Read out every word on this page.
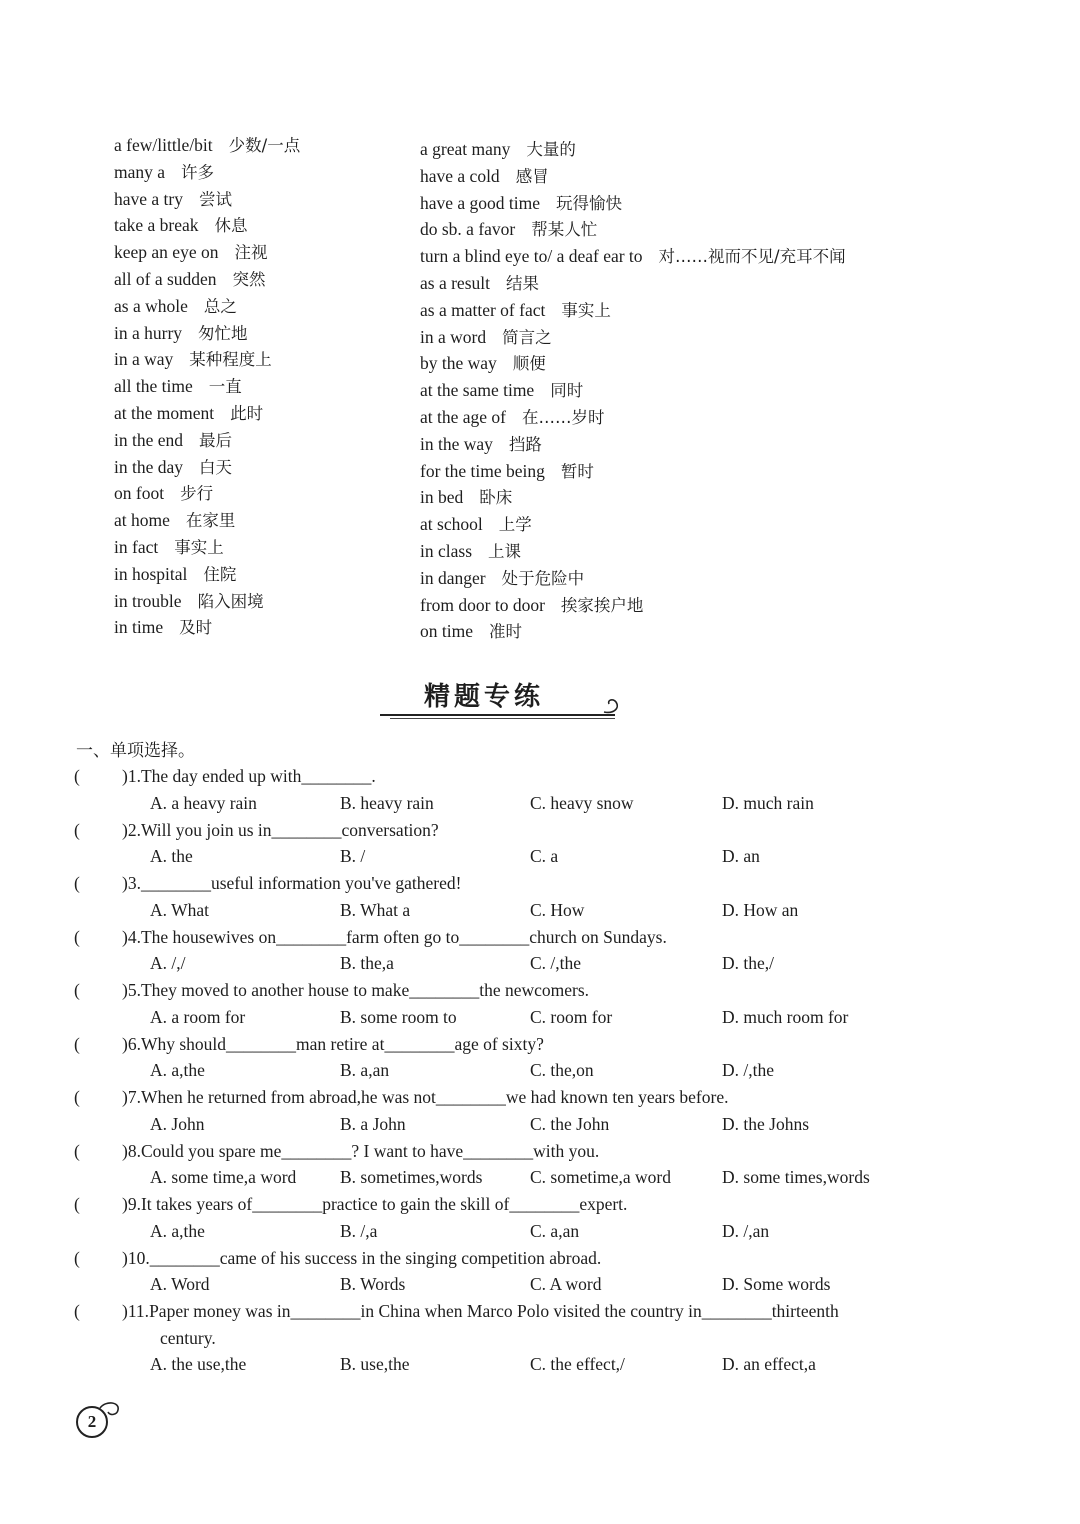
a few/little/bit 少数/一点
many a 许多
have a try 尝试
take a break 休息
keep an eye on 注视
all of a sudden 突然
as a whole 总之
in a hurry 匆忙地
in a way 某种程度上
all the time 一直
at the moment 此时
in the end 最后
in the day 白天
on foot 步行
at home 在家里
in fact 事实上
in hospital 住院
in trouble 陷入困境
in time 及时
a great many 大量的
have a cold 感冒
have a good time 玩得愉快
do sb. a favor 帮某人忙
turn a blind eye to/ a deaf ear to 对……视而不见/充耳不闻
as a result 结果
as a matter of fact 事实上
in a word 简言之
by the way 顺便
at the same time 同时
at the age of 在……岁时
in the way 挡路
for the time being 暂时
in bed 卧床
at school 上学
in class 上课
in danger 处于危险中
from door to door 挨家挨户地
on time 准时
精题专练
一、单项选择。
( )1.The day ended up with________.
A. a heavy rain	B. heavy rain	C. heavy snow	D. much rain
( )2.Will you join us in________conversation?
A. the	B. /	C. a	D. an
( )3.________useful information you've gathered!
A. What	B. What a	C. How	D. How an
( )4.The housewives on________farm often go to________church on Sundays.
A. /,/	B. the,a	C. /,the	D. the,/
( )5.They moved to another house to make________the newcomers.
A. a room for	B. some room to	C. room for	D. much room for
( )6.Why should________man retire at________age of sixty?
A. a,the	B. a,an	C. the,on	D. /,the
( )7.When he returned from abroad,he was not________we had known ten years before.
A. John	B. a John	C. the John	D. the Johns
( )8.Could you spare me________? I want to have________with you.
A. some time,a word B. sometimes,words	C. sometime,a word	D. some times,words
( )9.It takes years of________practice to gain the skill of________expert.
A. a,the	B. /,a	C. a,an	D. /,an
( )10.________came of his success in the singing competition abroad.
A. Word	B. Words	C. A word	D. Some words
( )11.Paper money was in________in China when Marco Polo visited the country in________thirteenth
century.
A. the use,the	B. use,the	C. the effect,/	D. an effect,a
2
